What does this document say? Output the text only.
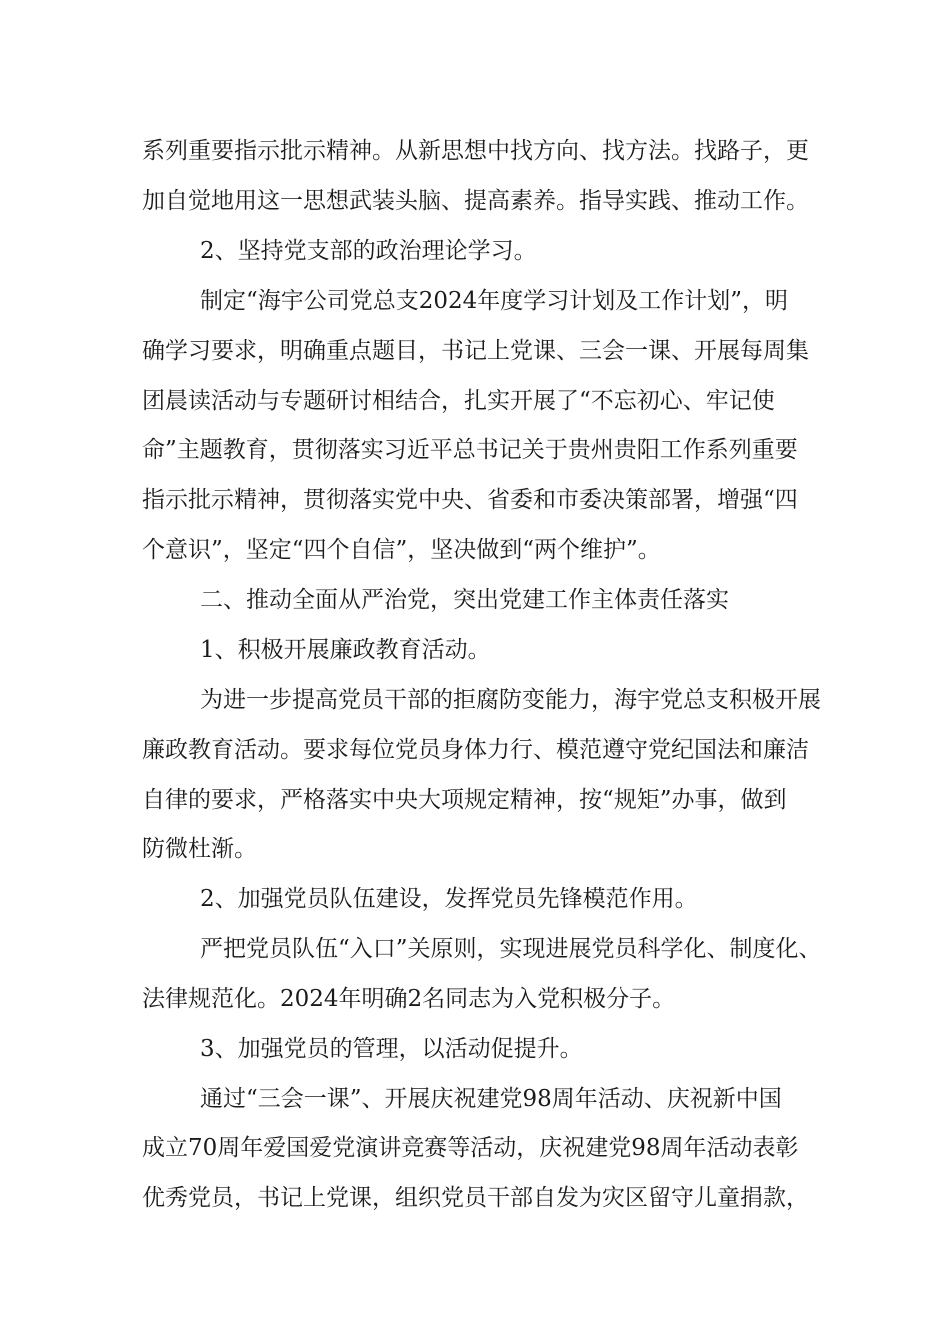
系列重要指示批示精神。从新思想中找方向、找方法。找路子，更
加自觉地用这一思想武装头脑、提高素养。指导实践、推动工作。
2、坚持党支部的政治理论学习。
制定“海宇公司党总支2024年度学习计划及工作计划”，明
确学习要求，明确重点题目，书记上党课、三会一课、开展每周集
团晨读活动与专题研讨相结合，扎实开展了“不忘初心、牢记使
命”主题教育，贯彻落实习近平总书记关于贵州贵阳工作系列重要
指示批示精神，贯彻落实党中央、省委和市委决策部署，增强“四
个意识”，坚定“四个自信”，坚决做到“两个维护”。
二、推动全面从严治党，突出党建工作主体责任落实
1、积极开展廉政教育活动。
为进一步提高党员干部的拒腐防变能力，海宇党总支积极开展
廉政教育活动。要求每位党员身体力行、模范遵守党纪国法和廉洁
自律的要求，严格落实中央大项规定精神，按“规矩”办事，做到
防微杜渐。
2、加强党员队伍建设，发挥党员先锋模范作用。
严把党员队伍“入口”关原则，实现进展党员科学化、制度化、
法律规范化。2024年明确2名同志为入党积极分子。
3、加强党员的管理，以活动促提升。
通过“三会一课”、开展庆祝建党98周年活动、庆祝新中国
成立70周年爱国爱党演讲竞赛等活动，庆祝建党98周年活动表彰
优秀党员，书记上党课，组织党员干部自发为灾区留守儿童捐款，
